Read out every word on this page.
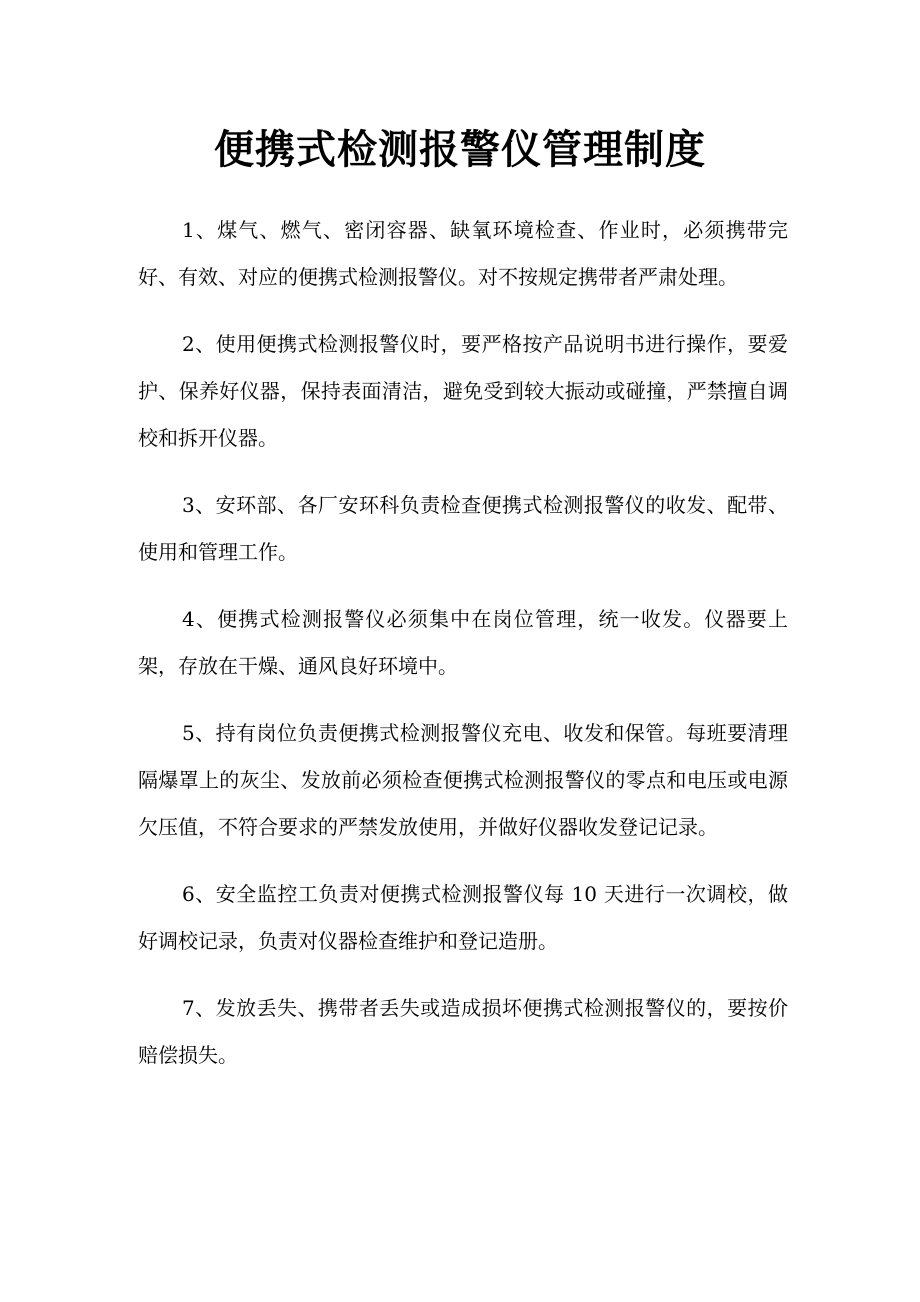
便携式检测报警仪管理制度

1、煤气、燃气、密闭容器、缺氧环境检查、作业时，必须携带完好、有效、对应的便携式检测报警仪。对不按规定携带者严肃处理。

2、使用便携式检测报警仪时，要严格按产品说明书进行操作，要爱护、保养好仪器，保持表面清洁，避免受到较大振动或碰撞，严禁擅自调校和拆开仪器。

3、安环部、各厂安环科负责检查便携式检测报警仪的收发、配带、使用和管理工作。

4、便携式检测报警仪必须集中在岗位管理，统一收发。仪器要上架，存放在干燥、通风良好环境中。

5、持有岗位负责便携式检测报警仪充电、收发和保管。每班要清理隔爆罩上的灰尘、发放前必须检查便携式检测报警仪的零点和电压或电源欠压值，不符合要求的严禁发放使用，并做好仪器收发登记记录。

6、安全监控工负责对便携式检测报警仪每 10 天进行一次调校，做好调校记录，负责对仪器检查维护和登记造册。

7、发放丢失、携带者丢失或造成损坏便携式检测报警仪的，要按价赔偿损失。
